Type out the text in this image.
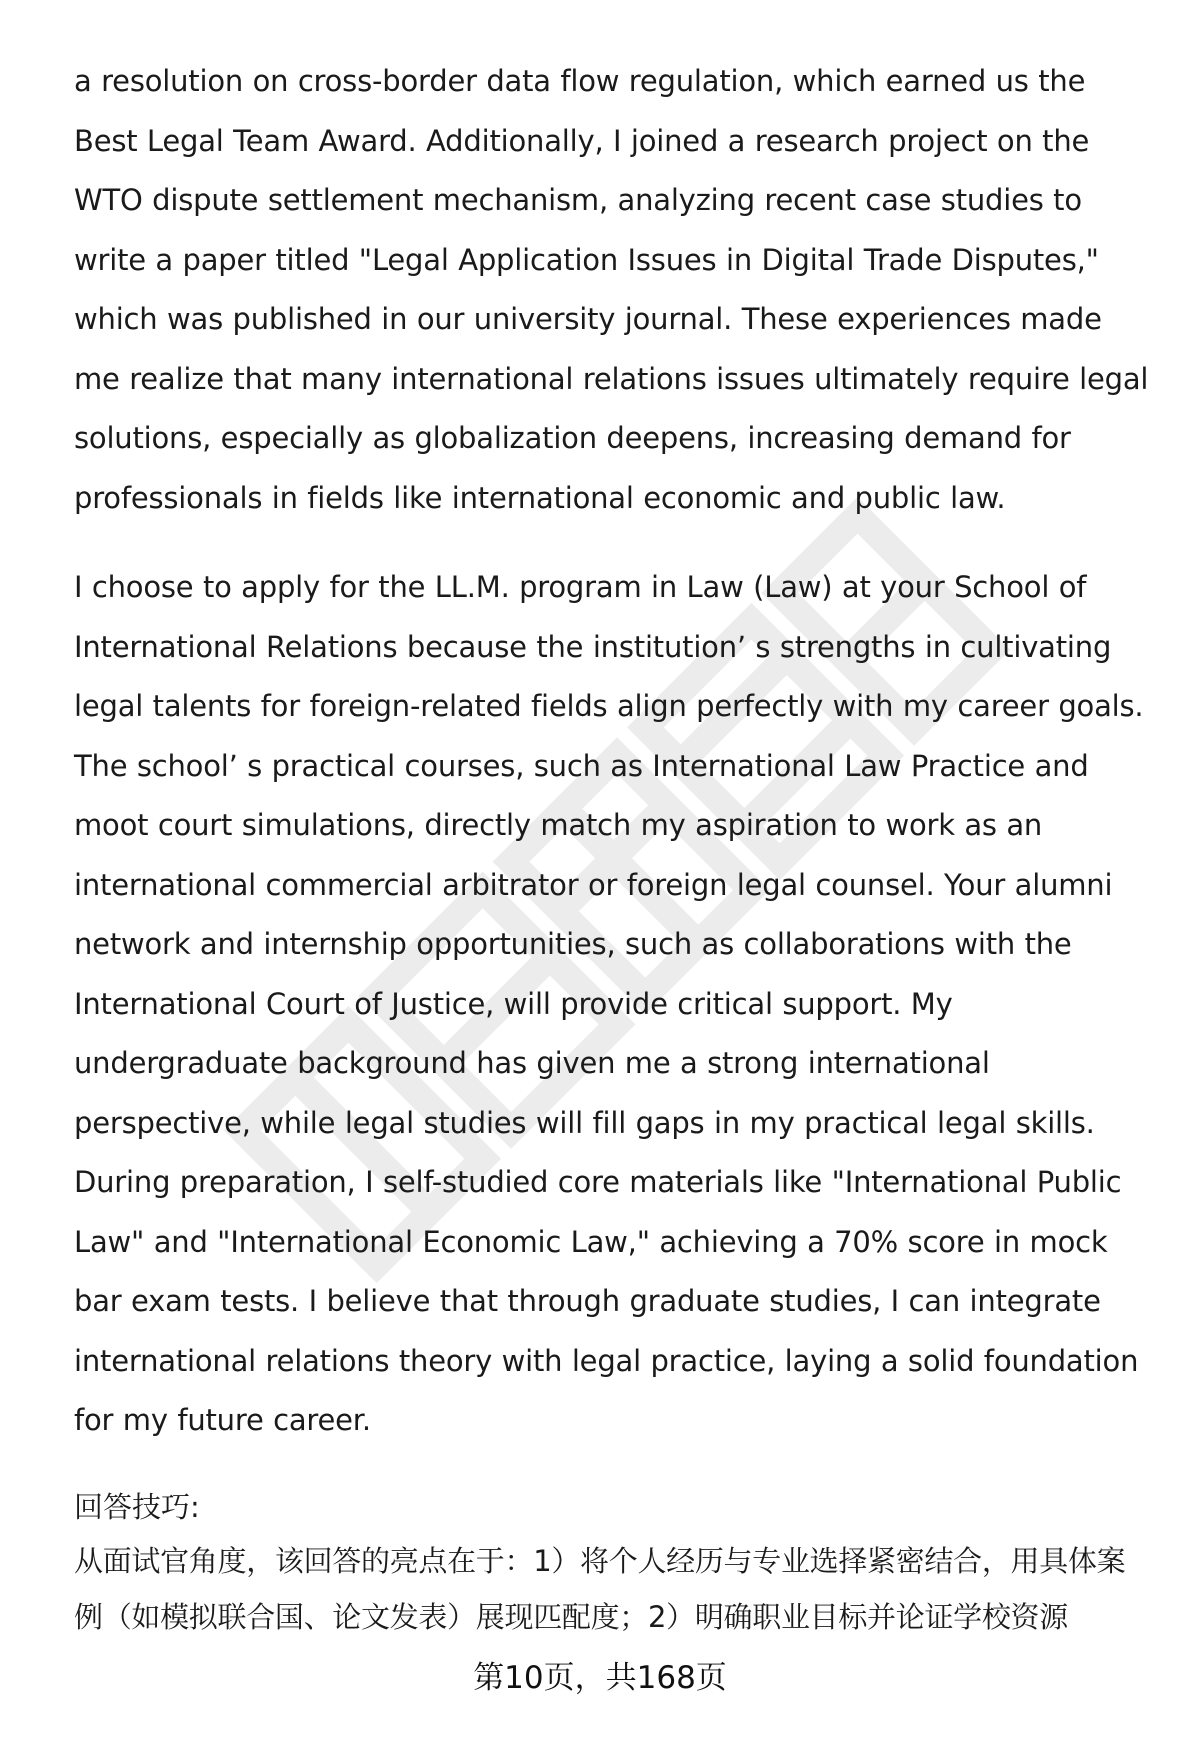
a resolution on cross-border data flow regulation, which earned us the Best Legal Team Award. Additionally, I joined a research project on the WTO dispute settlement mechanism, analyzing recent case studies to write a paper titled "Legal Application Issues in Digital Trade Disputes," which was published in our university journal. These experiences made me realize that many international relations issues ultimately require legal solutions, especially as globalization deepens, increasing demand for professionals in fields like international economic and public law.

I choose to apply for the LL.M. program in Law (Law) at your School of International Relations because the institution’ s strengths in cultivating legal talents for foreign-related fields align perfectly with my career goals. The school’ s practical courses, such as International Law Practice and moot court simulations, directly match my aspiration to work as an international commercial arbitrator or foreign legal counsel. Your alumni network and internship opportunities, such as collaborations with the International Court of Justice, will provide critical support. My undergraduate background has given me a strong international perspective, while legal studies will fill gaps in my practical legal skills. During preparation, I self-studied core materials like "International Public Law" and "International Economic Law," achieving a 70% score in mock bar exam tests. I believe that through graduate studies, I can integrate international relations theory with legal practice, laying a solid foundation for my future career.

回答技巧:

从面试官角度，该回答的亮点在于：1）将个人经历与专业选择紧密结合，用具体案例（如模拟联合国、论文发表）展现匹配度；2）明确职业目标并论证学校资源

第10页，共168页
